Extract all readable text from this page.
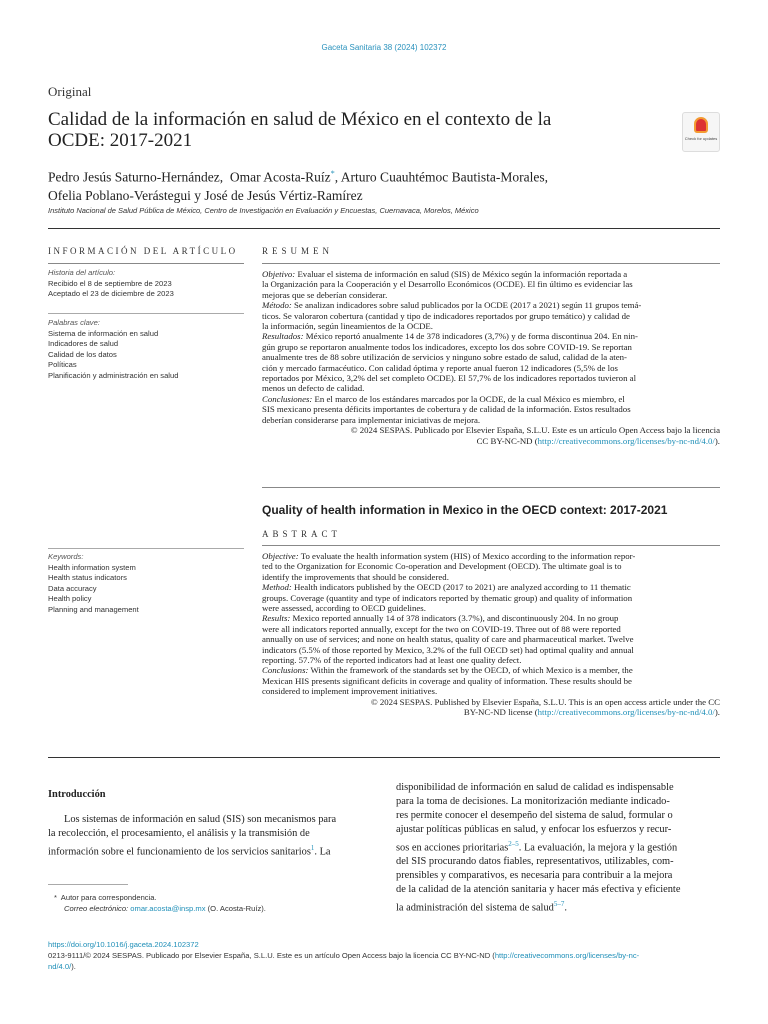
Gaceta Sanitaria 38 (2024) 102372
Original
Calidad de la información en salud de México en el contexto de la OCDE: 2017-2021	Check for updates
Pedro Jesús Saturno-Hernández, Omar Acosta-Ruíz*, Arturo Cuauhtémoc Bautista-Morales,
Ofelia Poblano-Verástegui y José de Jesús Vértiz-Ramírez
Instituto Nacional de Salud Pública de México, Centro de Investigación en Evaluación y Encuestas, Cuernavaca, Morelos, México
INFORMACIÓN DEL ARTÍCULO
Historia del artículo:
Recibido el 8 de septiembre de 2023
Aceptado el 23 de diciembre de 2023
Palabras clave:
Sistema de información en salud
Indicadores de salud
Calidad de los datos
Políticas
Planificación y administración en salud
RESUMEN
Objetivo: Evaluar el sistema de información en salud (SIS) de México según la información reportada a
la Organización para la Cooperación y el Desarrollo Económicos (OCDE). El fin último es evidenciar las
mejoras que se deberían considerar.
Método: Se analizan indicadores sobre salud publicados por la OCDE (2017 a 2021) según 11 grupos temá-
ticos. Se valoraron cobertura (cantidad y tipo de indicadores reportados por grupo temático) y calidad de
la información, según lineamientos de la OCDE.
Resultados: México reportó anualmente 14 de 378 indicadores (3,7%) y de forma discontinua 204. En nin-
gún grupo se reportaron anualmente todos los indicadores, excepto los dos sobre COVID-19. Se reportan
anualmente tres de 88 sobre utilización de servicios y ninguno sobre estado de salud, calidad de la aten-
ción y mercado farmacéutico. Con calidad óptima y reporte anual fueron 12 indicadores (5,5% de los
reportados por México, 3,2% del set completo OCDE). El 57,7% de los indicadores reportados tuvieron al
menos un defecto de calidad.
Conclusiones: En el marco de los estándares marcados por la OCDE, de la cual México es miembro, el
SIS mexicano presenta déficits importantes de cobertura y de calidad de la información. Estos resultados
deberían considerarse para implementar iniciativas de mejora.
© 2024 SESPAS. Publicado por Elsevier España, S.L.U. Este es un artículo Open Access bajo la licencia
CC BY-NC-ND (http://creativecommons.org/licenses/by-nc-nd/4.0/).
Quality of health information in Mexico in the OECD context: 2017-2021
ABSTRACT
Keywords:
Health information system
Health status indicators
Data accuracy
Health policy
Planning and management
Objective: To evaluate the health information system (HIS) of Mexico according to the information repor-
ted to the Organization for Economic Co-operation and Development (OECD). The ultimate goal is to
identify the improvements that should be considered.
Method: Health indicators published by the OECD (2017 to 2021) are analyzed according to 11 thematic
groups. Coverage (quantity and type of indicators reported by thematic group) and quality of information
were assessed, according to OECD guidelines.
Results: Mexico reported annually 14 of 378 indicators (3.7%), and discontinuously 204. In no group
were all indicators reported annually, except for the two on COVID-19. Three out of 88 were reported
annually on use of services; and none on health status, quality of care and pharmaceutical market. Twelve
indicators (5.5% of those reported by Mexico, 3.2% of the full OECD set) had optimal quality and annual
reporting. 57.7% of the reported indicators had at least one quality defect.
Conclusions: Within the framework of the standards set by the OECD, of which Mexico is a member, the
Mexican HIS presents significant deficits in coverage and quality of information. These results should be
considered to implement improvement initiatives.
© 2024 SESPAS. Published by Elsevier España, S.L.U. This is an open access article under the CC
BY-NC-ND license (http://creativecommons.org/licenses/by-nc-nd/4.0/).
Introducción
Los sistemas de información en salud (SIS) son mecanismos para
la recolección, el procesamiento, el análisis y la transmisión de
información sobre el funcionamiento de los servicios sanitarios$^1$. La
disponibilidad de información en salud de calidad es indispensable
para la toma de decisiones. La monitorización mediante indicado-
res permite conocer el desempeño del sistema de salud, formular o
ajustar políticas públicas en salud, y enfocar los esfuerzos y recur-
sos en acciones prioritarias$^{2-5}$. La evaluación, la mejora y la gestión
del SIS procurando datos fiables, representativos, utilizables, com-
prensibles y comparativos, es necesaria para contribuir a la mejora
de la calidad de la atención sanitaria y hacer más efectiva y eficiente
la administración del sistema de salud$^{5-7}$.
* Autor para correspondencia.
Correo electrónico: omar.acosta@insp.mx (O. Acosta-Ruíz).
https://doi.org/10.1016/j.gaceta.2024.102372
0213-9111/© 2024 SESPAS. Publicado por Elsevier España, S.L.U. Este es un artículo Open Access bajo la licencia CC BY-NC-ND (http://creativecommons.org/licenses/by-nc-
nd/4.0/).
